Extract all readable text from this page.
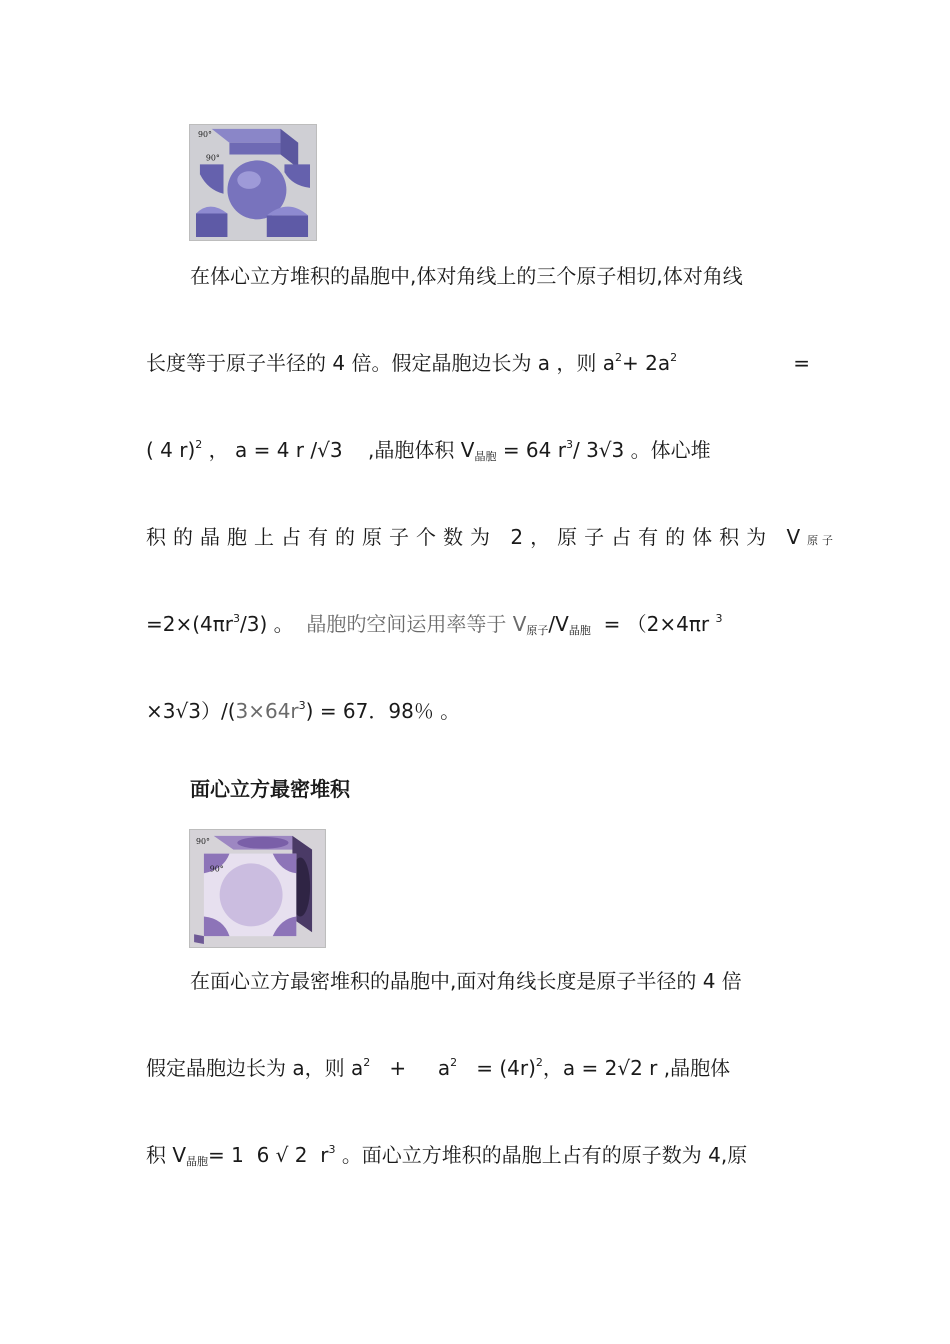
90°
90°
在体心立方堆积的晶胞中,体对角线上的三个原子相切,体对角线
长度等于原子半径的 4 倍。假定晶胞边长为 a ，则 $a^2+ 2a^2$	=
( 4 r)$^2$ ， a = 4 r /√3 ,晶胞体积 $V_{晶胞} = 64$ $r^3/$ 3√3 。体心堆
积的晶胞上占有的原子个数为 2，原子占有的体积为 V 原子
$=2\times(4\pi r^3/3)$ 。 晶胞旳空间运用率等于 $V_{原子}/V_{晶胞} = (2\times 4\pi r$ $^3$
$\times 3√3)/(3\times 64r^3) = 67$．98％ 。
面心立方最密堆积
90°
90°
在面心立方最密堆积的晶胞中,面对角线长度是原子半径的 4 倍
假定晶胞边长为 a，则 $a^2$ +     $a^2 = (4r)^2$，a = 2√2 r ,晶胞体
积 $V_{晶胞}= 1$  6 √ 2  $r^3$ 。面心立方堆积的晶胞上占有的原子数为 4,原
